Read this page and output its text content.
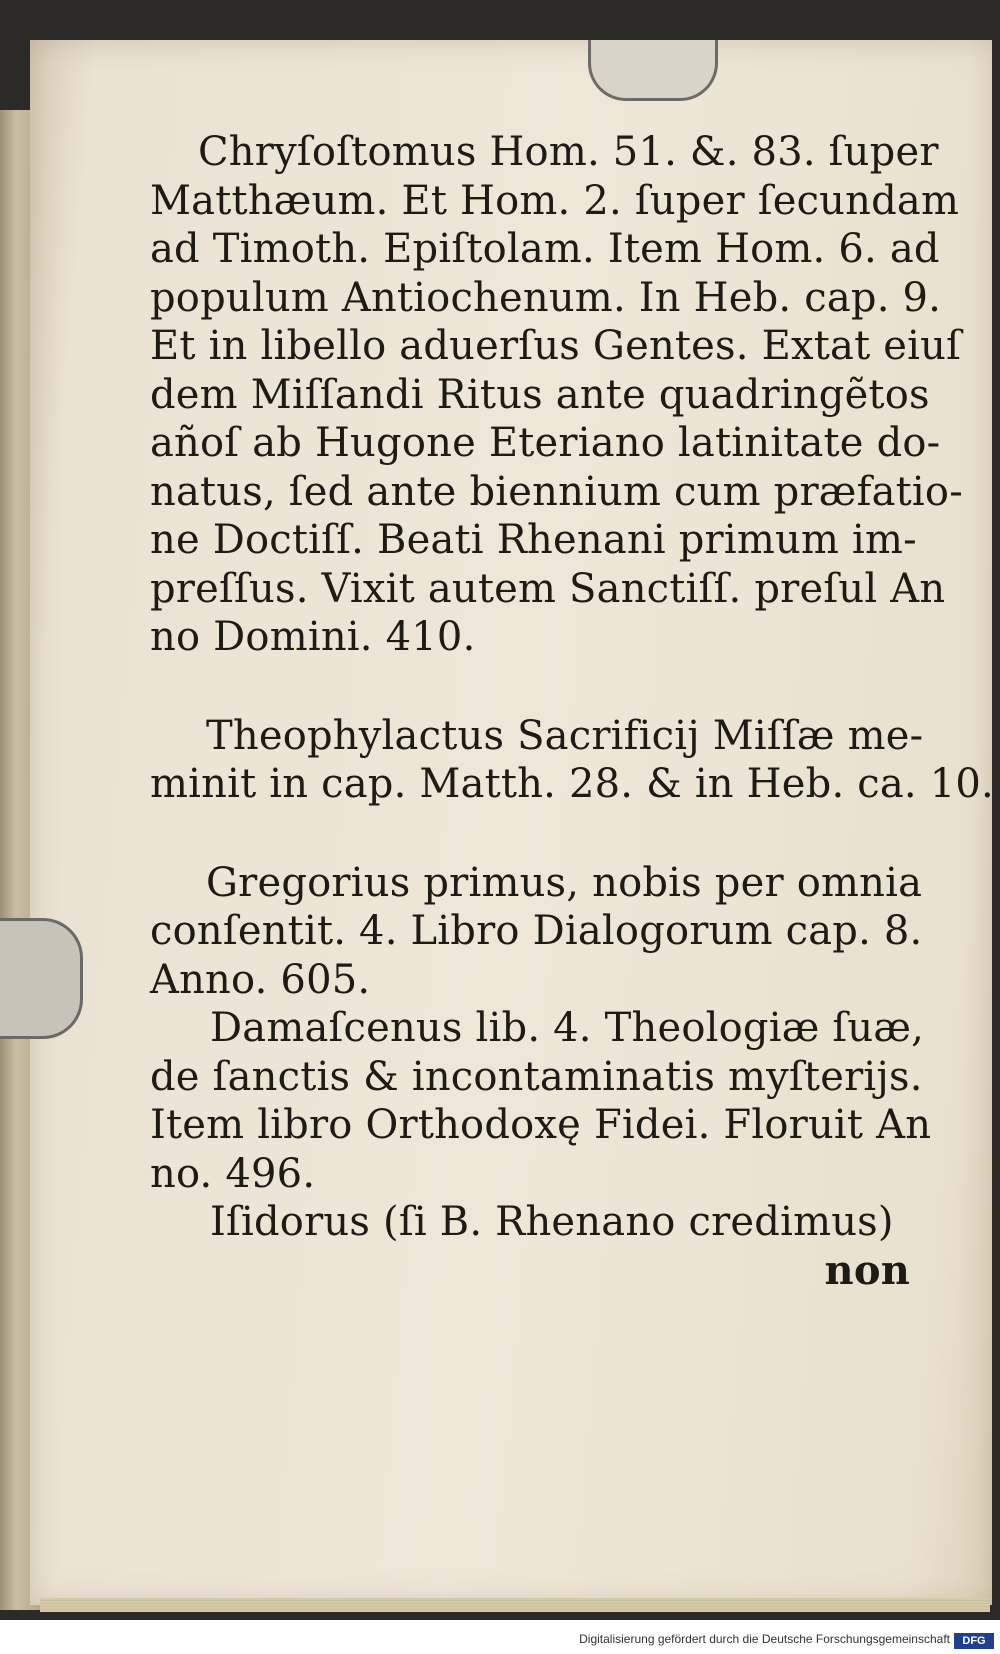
Chryſoſtomus Hom. 51. &. 83. ſuper
Matthæum. Et Hom. 2. ſuper ſecundam
ad Timoth. Epiſtolam. Item Hom. 6. ad
populum Antiochenum. In Heb. cap. 9.
Et in libello aduerſus Gentes. Extat eiuſ
dem Miſſandi Ritus ante quadringẽtos
añoſ ab Hugone Eteriano latinitate do-
natus, ſed ante biennium cum præfatio-
ne Doctiſſ. Beati Rhenani primum im-
preſſus. Vixit autem Sanctiſſ. preſul An
no Domini. 410.

Theophylactus Sacrificij Miſſæ me-
minit in cap. Matth. 28. & in Heb. ca. 10.

Gregorius primus, nobis per omnia
conſentit. 4. Libro Dialogorum cap. 8.
Anno. 605.

Damaſcenus lib. 4. Theologiæ ſuæ,
de ſanctis & incontaminatis myſterijs.
Item libro Orthodoxę Fidei. Floruit An
no. 496.

Iſidorus (ſi B. Rhenano credimus)

non
Digitalisierung gefördert durch die Deutsche Forschungsgemeinschaft	DFG
